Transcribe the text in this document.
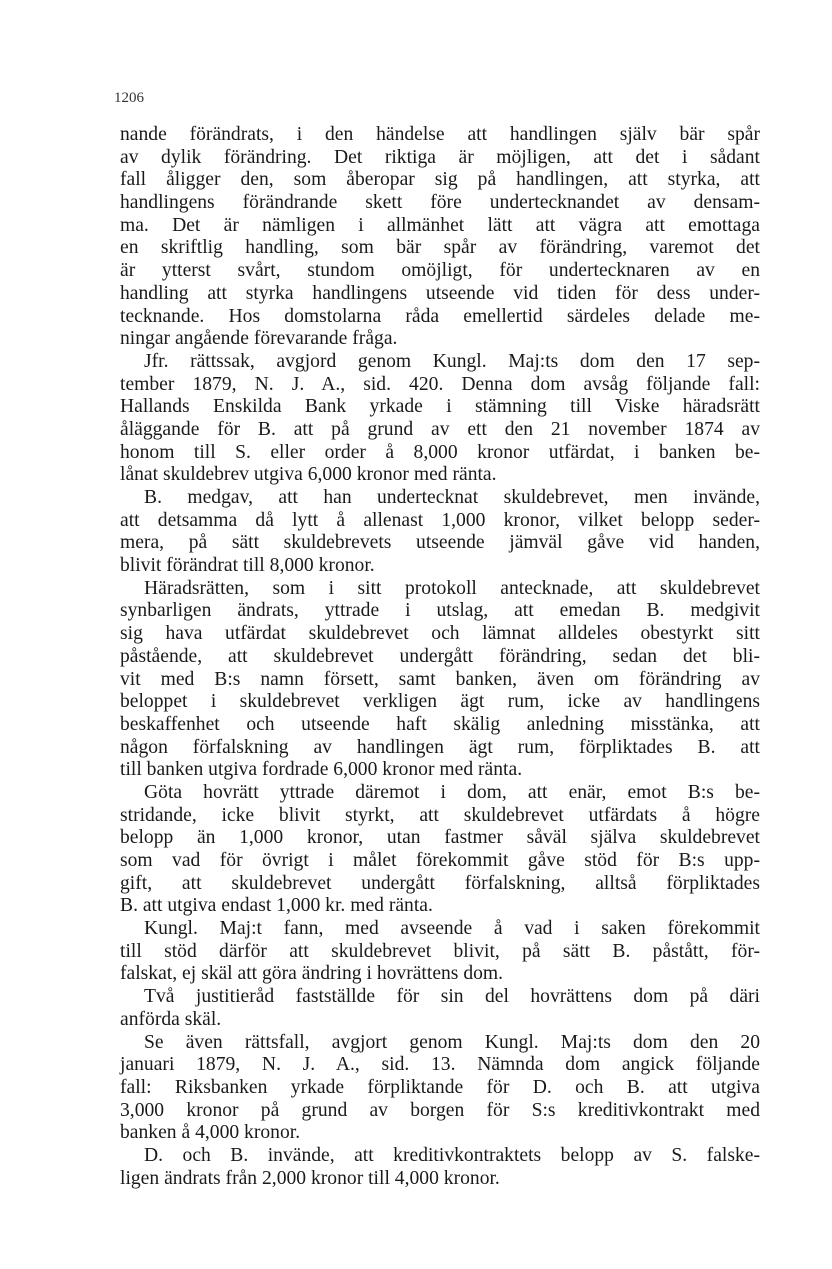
1206
nande förändrats, i den händelse att handlingen själv bär spår
av dylik förändring. Det riktiga är möjligen, att det i sådant
fall åligger den, som åberopar sig på handlingen, att styrka, att
handlingens förändrande skett före undertecknandet av densam-
ma. Det är nämligen i allmänhet lätt att vägra att emottaga
en skriftlig handling, som bär spår av förändring, varemot det
är ytterst svårt, stundom omöjligt, för undertecknaren av en
handling att styrka handlingens utseende vid tiden för dess under-
tecknande. Hos domstolarna råda emellertid särdeles delade me-
ningar angående förevarande fråga.
Jfr. rättssak, avgjord genom Kungl. Maj:ts dom den 17 sep-
tember 1879, N. J. A., sid. 420. Denna dom avsåg följande fall:
Hallands Enskilda Bank yrkade i stämning till Viske häradsrätt
åläggande för B. att på grund av ett den 21 november 1874 av
honom till S. eller order å 8,000 kronor utfärdat, i banken be-
lånat skuldebrev utgiva 6,000 kronor med ränta.
B. medgav, att han undertecknat skuldebrevet, men invände,
att detsamma då lytt å allenast 1,000 kronor, vilket belopp seder-
mera, på sätt skuldebrevets utseende jämväl gåve vid handen,
blivit förändrat till 8,000 kronor.
Häradsrätten, som i sitt protokoll antecknade, att skuldebrevet
synbarligen ändrats, yttrade i utslag, att emedan B. medgivit
sig hava utfärdat skuldebrevet och lämnat alldeles obestyrkt sitt
påstående, att skuldebrevet undergått förändring, sedan det bli-
vit med B:s namn försett, samt banken, även om förändring av
beloppet i skuldebrevet verkligen ägt rum, icke av handlingens
beskaffenhet och utseende haft skälig anledning misstänka, att
någon förfalskning av handlingen ägt rum, förpliktades B. att
till banken utgiva fordrade 6,000 kronor med ränta.
Göta hovrätt yttrade däremot i dom, att enär, emot B:s be-
stridande, icke blivit styrkt, att skuldebrevet utfärdats å högre
belopp än 1,000 kronor, utan fastmer såväl själva skuldebrevet
som vad för övrigt i målet förekommit gåve stöd för B:s upp-
gift, att skuldebrevet undergått förfalskning, alltså förpliktades
B. att utgiva endast 1,000 kr. med ränta.
Kungl. Maj:t fann, med avseende å vad i saken förekommit
till stöd därför att skuldebrevet blivit, på sätt B. påstått, för-
falskat, ej skäl att göra ändring i hovrättens dom.
Två justitieråd fastställde för sin del hovrättens dom på däri
anförda skäl.
Se även rättsfall, avgjort genom Kungl. Maj:ts dom den 20
januari 1879, N. J. A., sid. 13. Nämnda dom angick följande
fall: Riksbanken yrkade förpliktande för D. och B. att utgiva
3,000 kronor på grund av borgen för S:s kreditivkontrakt med
banken å 4,000 kronor.
D. och B. invände, att kreditivkontraktets belopp av S. falske-
ligen ändrats från 2,000 kronor till 4,000 kronor.
